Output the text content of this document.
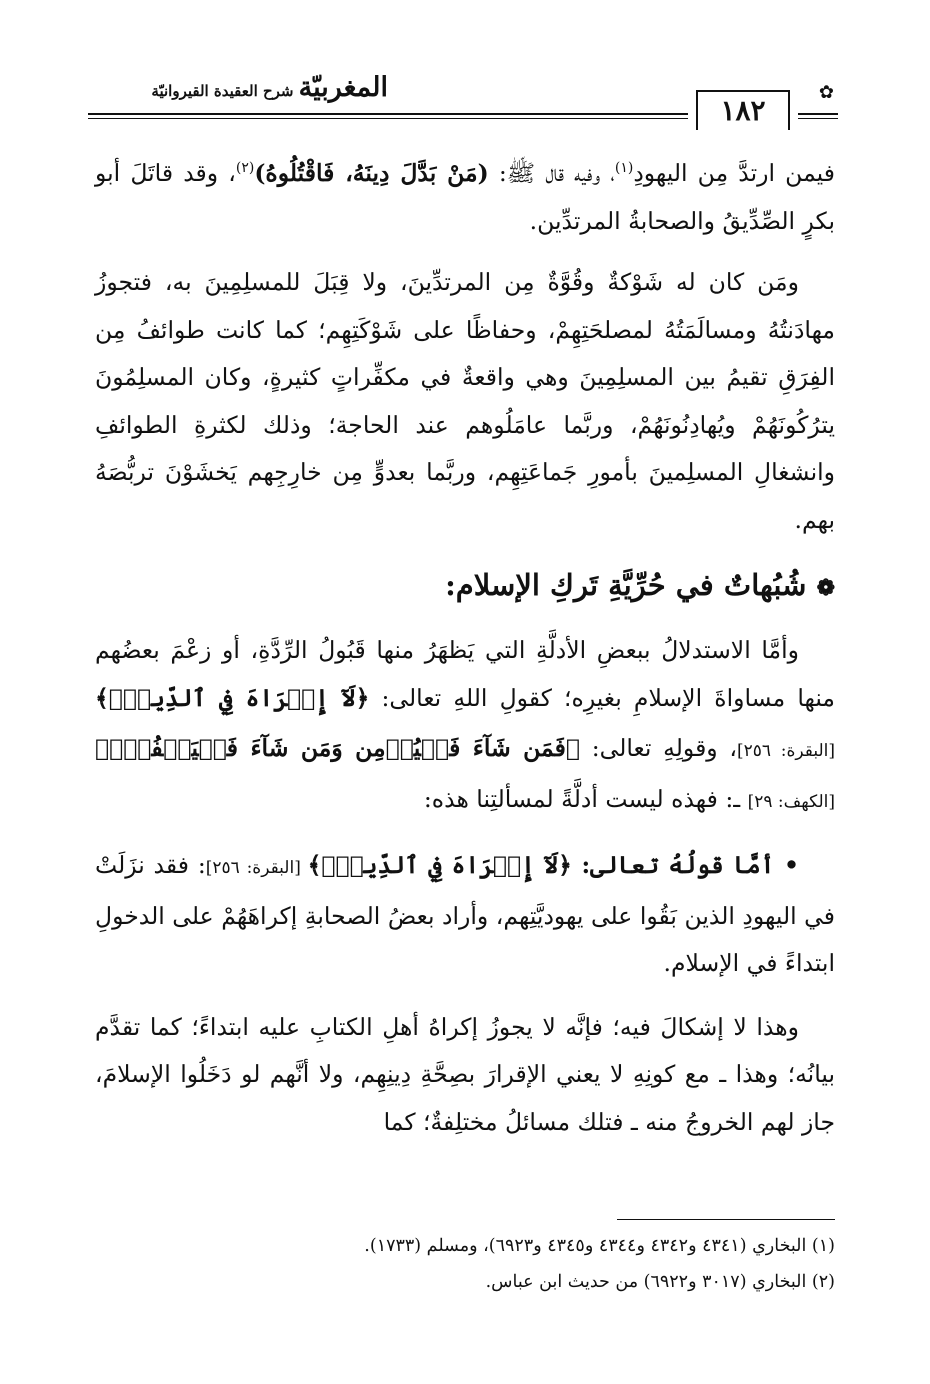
المغربيّة شرح العقيدة القيروانيّة
١٨٢
✿

فيمن ارتدَّ مِن اليهودِ$^{(١)}$، وفيه قال ﷺ: (مَنْ بَدَّلَ دِينَهُ، فَاقْتُلُوهُ)$^{(٢)}$، وقد قاتَلَ أبو بكرٍ الصِّدِّيقُ والصحابةُ المرتدِّين.

ومَن كان له شَوْكةٌ وقُوَّةٌ مِن المرتدِّينَ، ولا قِبَلَ للمسلِمِينَ به، فتجوزُ مهادَنتُهُ ومسالَمَتُهُ لمصلحَتِهِمْ، وحفاظًا على شَوْكَتِهِم؛ كما كانت طوائفُ مِن الفِرَقِ تقيمُ بين المسلِمِينَ وهي واقعةٌ في مكفِّراتٍ كثيرةٍ، وكان المسلِمُونَ يترُكُونَهُمْ ويُهادِنُونَهُمْ، وربَّما عامَلُوهم عند الحاجة؛ وذلك لكثرةِ الطوائفِ وانشغالِ المسلِمينَ بأمورِ جَماعَتِهِم، وربَّما بعدوٍّ مِن خارِجِهم يَخشَوْنَ تربُّصَهُ بهم.

❁ شُبُهاتٌ في حُرِّيَّةِ تَركِ الإسلام:

وأمَّا الاستدلالُ ببعضِ الأدلَّةِ التي يَظهَرُ منها قَبُولُ الرِّدَّةِ، أو زعْمَ بعضُهم منها مساواةَ الإسلامِ بغيرِه؛ كقولِ اللهِ تعالى: ﴿لَآ إِكۡرَاهَ فِي ٱلدِّينِۖ﴾ [البقرة: ٢٥٦]، وقولِهِ تعالى: ﴿فَمَن شَآءَ فَلۡيُؤۡمِن وَمَن شَآءَ فَلۡيَكۡفُرۡۚ﴾ [الكهف: ٢٩] ـ: فهذه ليست أدلَّةً لمسألتِنا هذه:

• أمَّا قولُهُ تعالى: ﴿لَآ إِكۡرَاهَ فِي ٱلدِّينِۖ﴾ [البقرة: ٢٥٦]: فقد نزَلَتْ في اليهودِ الذين بَقُوا على يهوديَّتِهم، وأراد بعضُ الصحابةِ إكراهَهُمْ على الدخولِ ابتداءً في الإسلام.

وهذا لا إشكالَ فيه؛ فإنَّه لا يجوزُ إكراهُ أهلِ الكتابِ عليه ابتداءً؛ كما تقدَّم بيانُه؛ وهذا ـ مع كونِهِ لا يعني الإقرارَ بصِحَّةِ دِينِهِم، ولا أنَّهم لو دَخَلُوا الإسلامَ، جاز لهم الخروجُ منه ـ فتلك مسائلُ مختلِفةٌ؛ كما

(١) البخاري (٤٣٤١ و٤٣٤٢ و٤٣٤٤ و٤٣٤٥ و٦٩٢٣)، ومسلم (١٧٣٣).

(٢) البخاري (٣٠١٧ و٦٩٢٢) من حديث ابن عباس.
